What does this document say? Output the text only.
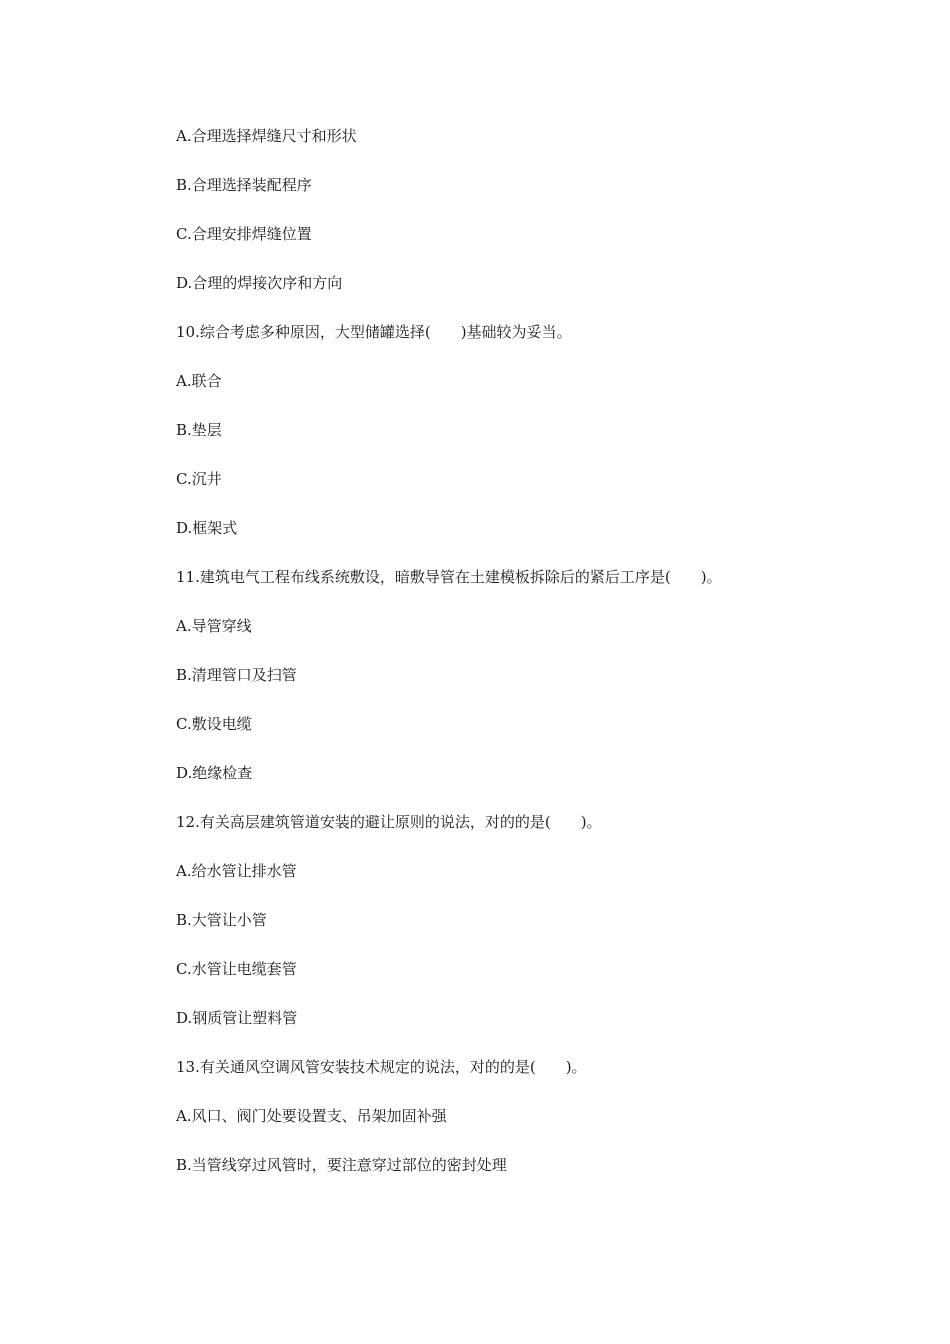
A.合理选择焊缝尺寸和形状
B.合理选择装配程序
C.合理安排焊缝位置
D.合理的焊接次序和方向
10.综合考虑多种原因，大型储罐选择(　　)基础较为妥当。
A.联合
B.垫层
C.沉井
D.框架式
11.建筑电气工程布线系统敷设，暗敷导管在土建模板拆除后的紧后工序是(　　)。
A.导管穿线
B.清理管口及扫管
C.敷设电缆
D.绝缘检查
12.有关高层建筑管道安装的避让原则的说法，对的的是(　　)。
A.给水管让排水管
B.大管让小管
C.水管让电缆套管
D.钢质管让塑料管
13.有关通风空调风管安装技术规定的说法，对的的是(　　)。
A.风口、阀门处要设置支、吊架加固补强
B.当管线穿过风管时，要注意穿过部位的密封处理
